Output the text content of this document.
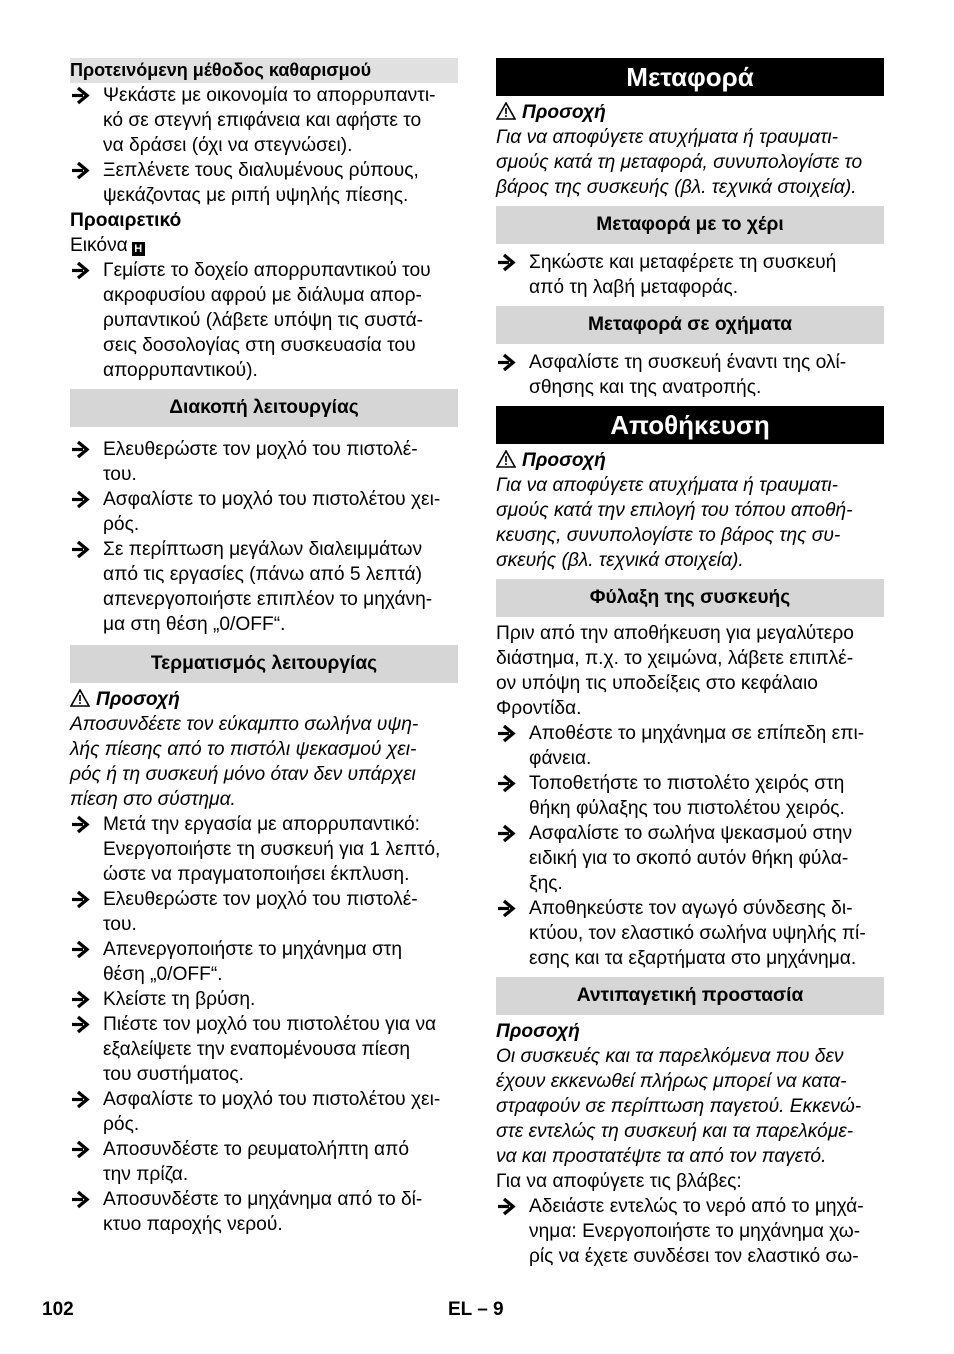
Προτεινόμενη μέθοδος καθαρισμού
Ψεκάστε με οικονομία το απορρυπαντι-
κό σε στεγνή επιφάνεια και αφήστε το
να δράσει (όχι να στεγνώσει).
Ξεπλένετε τους διαλυμένους ρύπους,
ψεκάζοντας με ριπή υψηλής πίεσης.
Προαιρετικό
Εικόνα H
Γεμίστε το δοχείο απορρυπαντικού του
ακροφυσίου αφρού με διάλυμα απορ-
ρυπαντικού (λάβετε υπόψη τις συστά-
σεις δοσολογίας στη συσκευασία του
απορρυπαντικού).
Διακοπή λειτουργίας
Ελευθερώστε τον μοχλό του πιστολέ-
του.
Ασφαλίστε το μοχλό του πιστολέτου χει-
ρός.
Σε περίπτωση μεγάλων διαλειμμάτων
από τις εργασίες (πάνω από 5 λεπτά)
απενεργοποιήστε επιπλέον το μηχάνη-
μα στη θέση „0/OFF“.
Τερματισμός λειτουργίας
Προσοχή
Αποσυνδέετε τον εύκαμπτο σωλήνα υψη-
λής πίεσης από το πιστόλι ψεκασμού χει-
ρός ή τη συσκευή μόνο όταν δεν υπάρχει
πίεση στο σύστημα.
Μετά την εργασία με απορρυπαντικό:
Ενεργοποιήστε τη συσκευή για 1 λεπτό,
ώστε να πραγματοποιήσει έκπλυση.
Ελευθερώστε τον μοχλό του πιστολέ-
του.
Απενεργοποιήστε το μηχάνημα στη
θέση „0/OFF“.
Κλείστε τη βρύση.
Πιέστε τον μοχλό του πιστολέτου για να
εξαλείψετε την εναπομένουσα πίεση
του συστήματος.
Ασφαλίστε το μοχλό του πιστολέτου χει-
ρός.
Αποσυνδέστε το ρευματολήπτη από
την πρίζα.
Αποσυνδέστε το μηχάνημα από το δί-
κτυο παροχής νερού.
Μεταφορά
Προσοχή
Για να αποφύγετε ατυχήματα ή τραυματι-
σμούς κατά τη μεταφορά, συνυπολογίστε το
βάρος της συσκευής (βλ. τεχνικά στοιχεία).
Μεταφορά με το χέρι
Σηκώστε και μεταφέρετε τη συσκευή
από τη λαβή μεταφοράς.
Μεταφορά σε οχήματα
Ασφαλίστε τη συσκευή έναντι της ολί-
σθησης και της ανατροπής.
Αποθήκευση
Προσοχή
Για να αποφύγετε ατυχήματα ή τραυματι-
σμούς κατά την επιλογή του τόπου αποθή-
κευσης, συνυπολογίστε το βάρος της συ-
σκευής (βλ. τεχνικά στοιχεία).
Φύλαξη της συσκευής
Πριν από την αποθήκευση για μεγαλύτερο
διάστημα, π.χ. το χειμώνα, λάβετε επιπλέ-
ον υπόψη τις υποδείξεις στο κεφάλαιο
Φροντίδα.
Αποθέστε το μηχάνημα σε επίπεδη επι-
φάνεια.
Τοποθετήστε το πιστολέτο χειρός στη
θήκη φύλαξης του πιστολέτου χειρός.
Ασφαλίστε το σωλήνα ψεκασμού στην
ειδική για το σκοπό αυτόν θήκη φύλα-
ξης.
Αποθηκεύστε τον αγωγό σύνδεσης δι-
κτύου, τον ελαστικό σωλήνα υψηλής πί-
εσης και τα εξαρτήματα στο μηχάνημα.
Αντιπαγετική προστασία
Προσοχή
Οι συσκευές και τα παρελκόμενα που δεν
έχουν εκκενωθεί πλήρως μπορεί να κατα-
στραφούν σε περίπτωση παγετού. Εκκενώ-
στε εντελώς τη συσκευή και τα παρελκόμε-
να και προστατέψτε τα από τον παγετό.
Για να αποφύγετε τις βλάβες:
Αδειάστε εντελώς το νερό από το μηχά-
νημα: Ενεργοποιήστε το μηχάνημα χω-
ρίς να έχετε συνδέσει τον ελαστικό σω-
102	EL – 9
